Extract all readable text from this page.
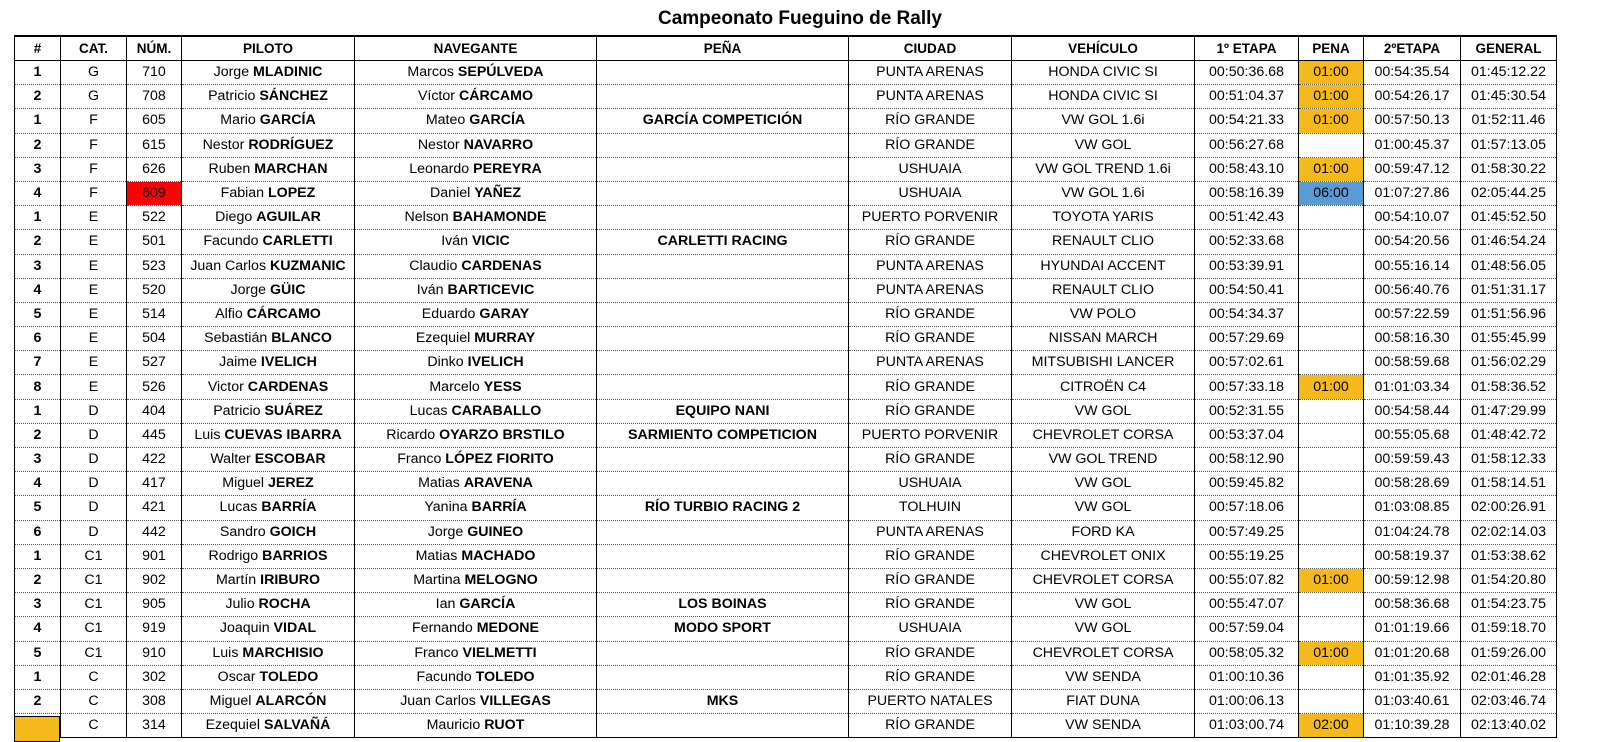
Campeonato Fueguino de Rally
#	CAT.	NÚM.	PILOTO	NAVEGANTE	PEÑA	CIUDAD	VEHÍCULO	1º ETAPA	PENA	2ºETAPA	GENERAL
1	G	710	Jorge MLADINIC	Marcos SEPÚLVEDA		PUNTA ARENAS	HONDA CIVIC SI	00:50:36.68	01:00	00:54:35.54	01:45:12.22
2	G	708	Patricio SÁNCHEZ	Víctor CÁRCAMO		PUNTA ARENAS	HONDA CIVIC SI	00:51:04.37	01:00	00:54:26.17	01:45:30.54
1	F	605	Mario GARCÍA	Mateo GARCÍA	GARCÍA COMPETICIÓN	RÍO GRANDE	VW GOL 1.6i	00:54:21.33	01:00	00:57:50.13	01:52:11.46
2	F	615	Nestor RODRÍGUEZ	Nestor NAVARRO		RÍO GRANDE	VW GOL	00:56:27.68		01:00:45.37	01:57:13.05
3	F	626	Ruben MARCHAN	Leonardo PEREYRA		USHUAIA	VW GOL TREND 1.6i	00:58:43.10	01:00	00:59:47.12	01:58:30.22
4	F	609	Fabian LOPEZ	Daniel YAÑEZ		USHUAIA	VW GOL 1.6i	00:58:16.39	06:00	01:07:27.86	02:05:44.25
1	E	522	Diego AGUILAR	Nelson BAHAMONDE		PUERTO PORVENIR	TOYOTA YARIS	00:51:42.43		00:54:10.07	01:45:52.50
2	E	501	Facundo CARLETTI	Iván VICIC	CARLETTI RACING	RÍO GRANDE	RENAULT CLIO	00:52:33.68		00:54:20.56	01:46:54.24
3	E	523	Juan Carlos KUZMANIC	Claudio CARDENAS		PUNTA ARENAS	HYUNDAI ACCENT	00:53:39.91		00:55:16.14	01:48:56.05
4	E	520	Jorge GÜIC	Iván BARTICEVIC		PUNTA ARENAS	RENAULT CLIO	00:54:50.41		00:56:40.76	01:51:31.17
5	E	514	Alfio CÁRCAMO	Eduardo GARAY		RÍO GRANDE	VW POLO	00:54:34.37		00:57:22.59	01:51:56.96
6	E	504	Sebastián BLANCO	Ezequiel MURRAY		RÍO GRANDE	NISSAN MARCH	00:57:29.69		00:58:16.30	01:55:45.99
7	E	527	Jaime IVELICH	Dinko IVELICH		PUNTA ARENAS	MITSUBISHI LANCER	00:57:02.61		00:58:59.68	01:56:02.29
8	E	526	Victor CARDENAS	Marcelo YESS		RÍO GRANDE	CITROËN C4	00:57:33.18	01:00	01:01:03.34	01:58:36.52
1	D	404	Patricio SUÁREZ	Lucas CARABALLO	EQUIPO NANI	RÍO GRANDE	VW GOL	00:52:31.55		00:54:58.44	01:47:29.99
2	D	445	Luis CUEVAS IBARRA	Ricardo OYARZO BRSTILO	SARMIENTO COMPETICION	PUERTO PORVENIR	CHEVROLET CORSA	00:53:37.04		00:55:05.68	01:48:42.72
3	D	422	Walter ESCOBAR	Franco LÓPEZ FIORITO		RÍO GRANDE	VW GOL TREND	00:58:12.90		00:59:59.43	01:58:12.33
4	D	417	Miguel JEREZ	Matias ARAVENA		USHUAIA	VW GOL	00:59:45.82		00:58:28.69	01:58:14.51
5	D	421	Lucas BARRÍA	Yanina BARRÍA	RÍO TURBIO RACING 2	TOLHUIN	VW GOL	00:57:18.06		01:03:08.85	02:00:26.91
6	D	442	Sandro GOICH	Jorge GUINEO		PUNTA ARENAS	FORD KA	00:57:49.25		01:04:24.78	02:02:14.03
1	C1	901	Rodrigo BARRIOS	Matias MACHADO		RÍO GRANDE	CHEVROLET ONIX	00:55:19.25		00:58:19.37	01:53:38.62
2	C1	902	Martín IRIBURO	Martina MELOGNO		RÍO GRANDE	CHEVROLET CORSA	00:55:07.82	01:00	00:59:12.98	01:54:20.80
3	C1	905	Julio ROCHA	Ian GARCÍA	LOS BOINAS	RÍO GRANDE	VW GOL	00:55:47.07		00:58:36.68	01:54:23.75
4	C1	919	Joaquin VIDAL	Fernando MEDONE	MODO SPORT	USHUAIA	VW GOL	00:57:59.04		01:01:19.66	01:59:18.70
5	C1	910	Luis MARCHISIO	Franco VIELMETTI		RÍO GRANDE	CHEVROLET CORSA	00:58:05.32	01:00	01:01:20.68	01:59:26.00
1	C	302	Oscar TOLEDO	Facundo TOLEDO		RÍO GRANDE	VW SENDA	01:00:10.36		01:01:35.92	02:01:46.28
2	C	308	Miguel ALARCÓN	Juan Carlos VILLEGAS	MKS	PUERTO NATALES	FIAT DUNA	01:00:06.13		01:03:40.61	02:03:46.74
	C	314	Ezequiel SALVAÑÁ	Mauricio RUOT		RÍO GRANDE	VW SENDA	01:03:00.74	02:00	01:10:39.28	02:13:40.02
